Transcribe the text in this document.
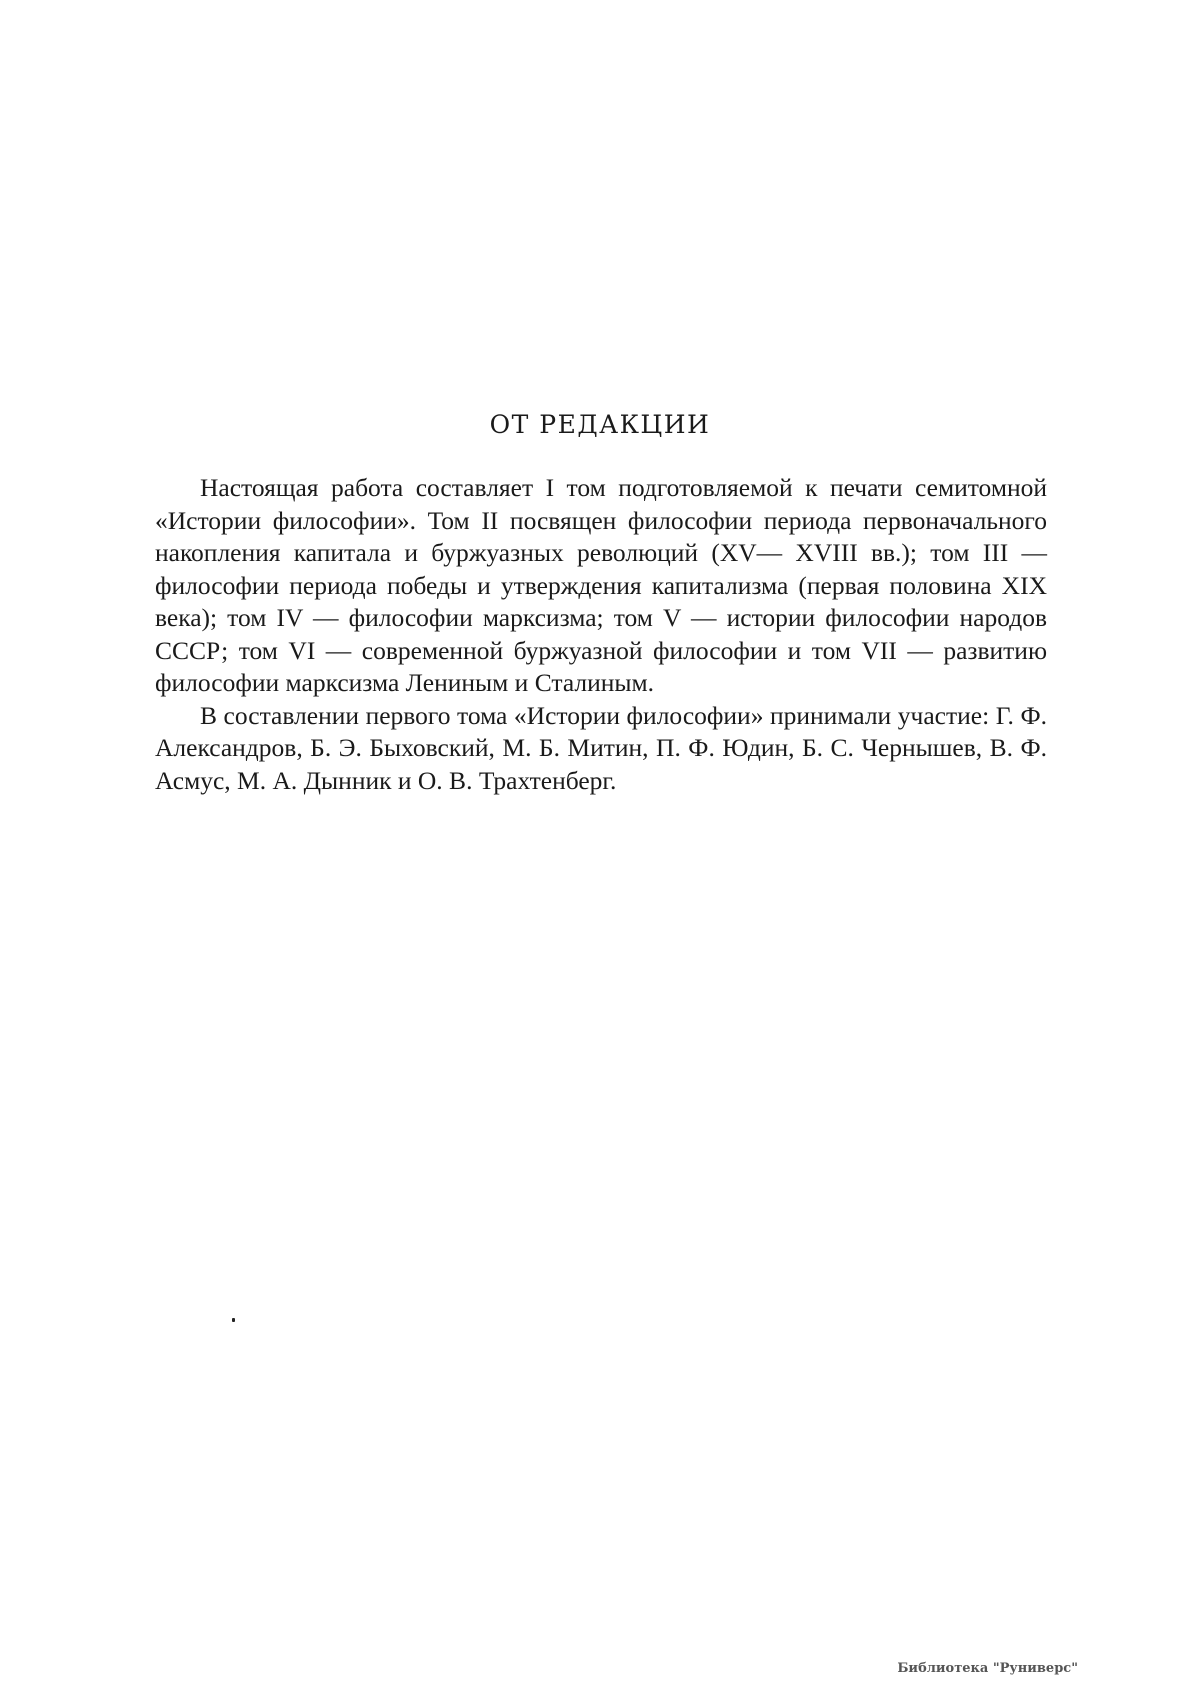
ОТ РЕДАКЦИИ

Настоящая работа составляет I том подготовляемой к печати семитомной «Истории философии». Том II посвящен философии периода первоначального накопления капитала и буржуазных революций (XV— XVIII вв.); том III — философии периода победы и утверждения капитализма (первая половина XIX века); том IV — философии марксизма; том V — истории философии народов СССР; том VI — современной буржуазной философии и том VII — развитию философии марксизма Лениным и Сталиным.

В составлении первого тома «Истории философии» принимали участие: Г. Ф. Александров, Б. Э. Быховский, М. Б. Митин, П. Ф. Юдин, Б. С. Чернышев, В. Ф. Асмус, М. А. Дынник и О. В. Трахтенберг.

Библиотека "Руниверс"
